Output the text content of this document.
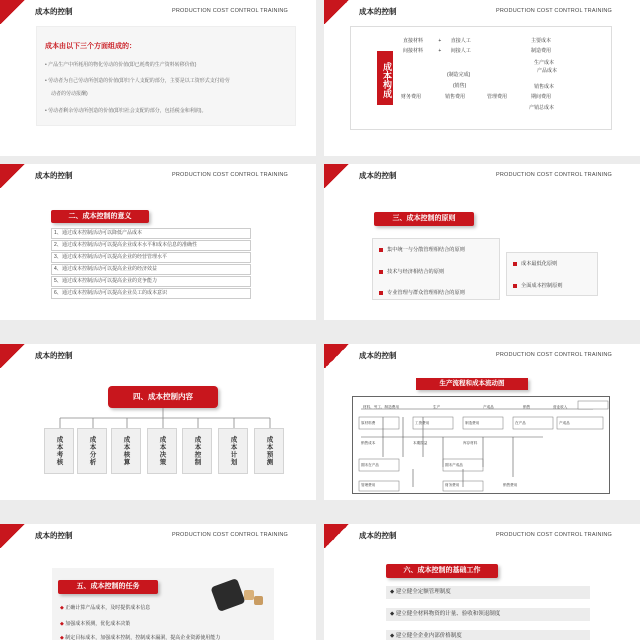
成本的控制	PRODUCTION COST CONTROL TRAINING
成本由以下三个方面组成的：
• 产品生产中所耗用的物化劳动的价值(即已耗费的生产资料转移价值)
• 劳动者为自己劳动所创造的价值(即归个人支配的部分，主要是以工资形式支付给劳
动者的劳动报酬)
• 劳动者剩余劳动所创造的价值(即归社会支配的部分，包括税金和利润)。
成本的控制	PRODUCTION COST CONTROL TRAINING
成本构成
直接材料	+ 直接人工	主要成本
间接材料	+ 间接人工	制造费用
生产成本
(制造完成)
产品成本
(销售)	销售成本
财务费用	销售费用	管理费用	期间费用
产销总成本
成本的控制	PRODUCTION COST CONTROL TRAINING
二、成本控制的意义
1、 通过成本控制活动可以降低产品成本
2、 通过成本控制活动可以提高企业成本水平和成本信息的准确性
3、 通过成本控制活动可以提高企业的经营管理水平
4、 通过成本控制活动可以提高企业的经济效益
5、 通过成本控制活动可以提高企业的竞争能力
6、 通过成本控制活动可以提高企业员工的成本意识
成本的控制	PRODUCTION COST CONTROL TRAINING
三、成本控制的原则
集中统一与分散管理相结合的原则
技术与经济相结合的原则
专业管理与群众管理相结合的原则
成本最低化原则
全面成本控制原则
成本的控制
四、成本控制内容
成本考核	成本分析	成本核算	成本决策	成本控制	成本计划	成本预测
成本的控制	PRODUCTION COST CONTROL TRAINING
生产流程和成本流动图
材料、劳工、制造费用	生产	产成品	销售	营业收入
原材料费	工资费用	制造费用	在产品	产成品
销售成本	本期损益	库存材料
期末在产品	期末产成品
管理费用	财务费用	销售费用
成本的控制	PRODUCTION COST CONTROL TRAINING
五、成本控制的任务
◆ 正确计算产品成本，及时提供成本信息
◆ 加强成本预测，优化成本决策
◆ 制定目标成本，加强成本控制，控制成本漏洞，提高企业资源使用能力
成本的控制	PRODUCTION COST CONTROL TRAINING
六、成本控制的基础工作
◆ 建立健全定额管理制度
◆ 建立健全材料物资的计量、验收和领退制度
◆ 建立健全企业内部价格制度
